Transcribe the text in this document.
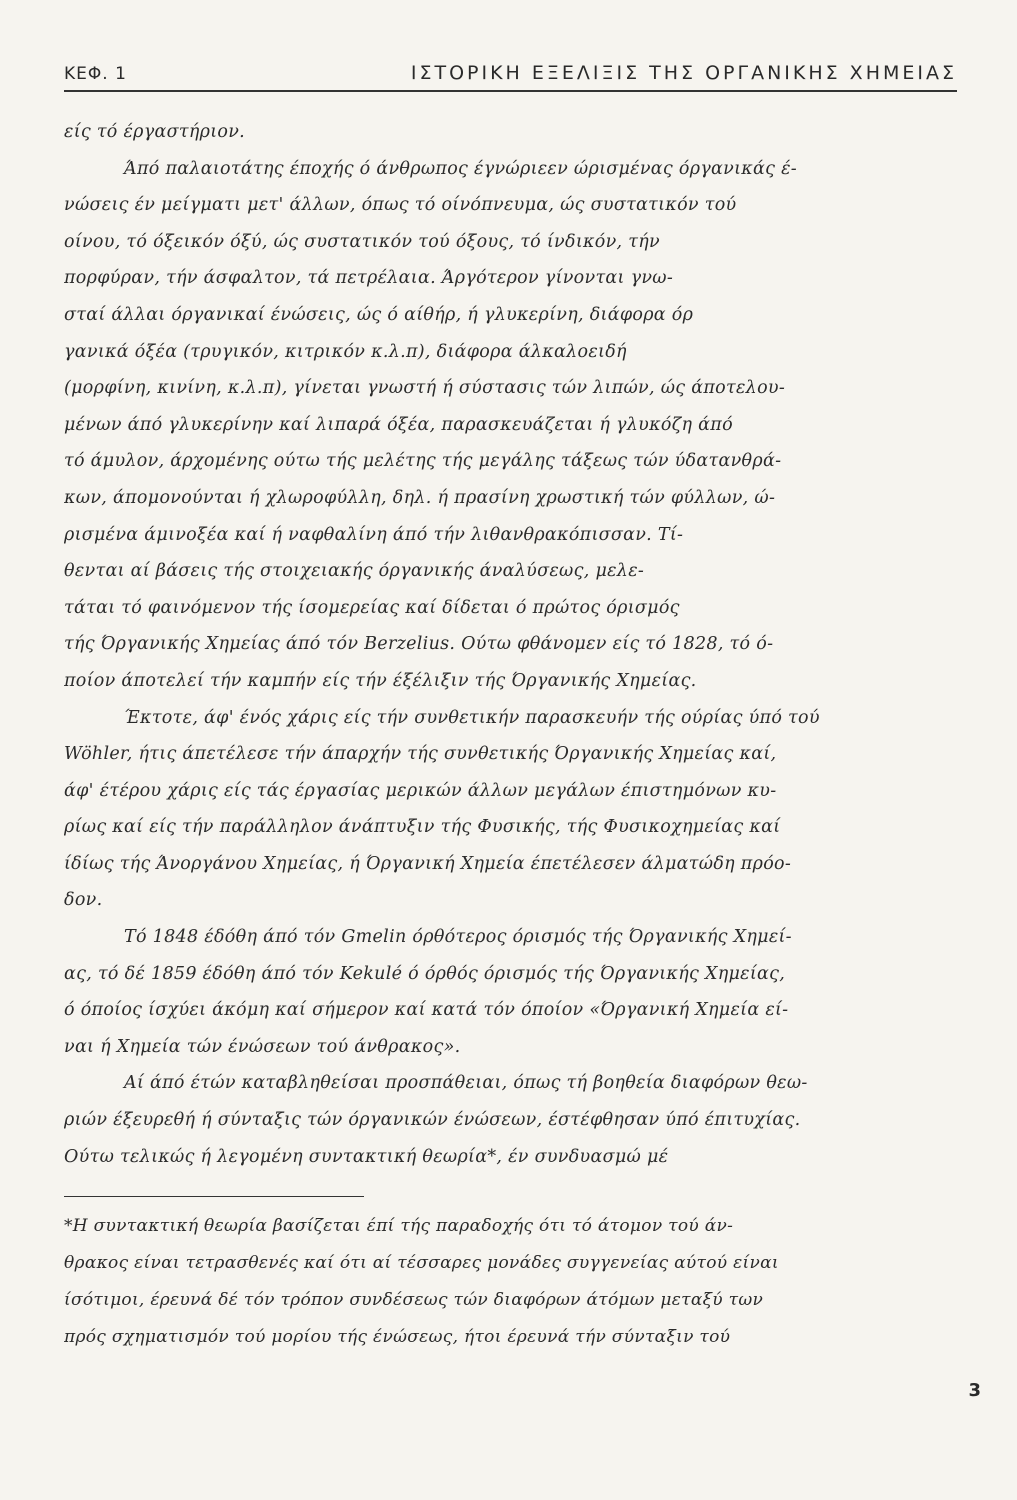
ΚΕΦ. 1	ΙΣΤΟΡΙΚΗ ΕΞΕΛΙΞΙΣ ΤΗΣ ΟΡΓΑΝΙΚΗΣ ΧΗΜΕΙΑΣ
είς τό έργαστήριον.
Άπό παλαιοτάτης έποχής ό άνθρωπος έγνώριεεν ώρισμένας όργανικάς έ-
νώσεις έν μείγματι μετ' άλλων, όπως τό οίνόπνευμα, ώς συστατικόν τού
οίνου, τό όξεικόν όξύ, ώς συστατικόν τού όξους, τό ίνδικόν, τήν
πορφύραν, τήν άσφαλτον, τά πετρέλαια. Άργότερον γίνονται γνω-
σταί άλλαι όργανικαί ένώσεις, ώς ό αίθήρ, ή γλυκερίνη, διάφορα όρ
γανικά όξέα (τρυγικόν, κιτρικόν κ.λ.π), διάφορα άλκαλοειδή
(μορφίνη, κινίνη, κ.λ.π), γίνεται γνωστή ή σύστασις τών λιπών, ώς άποτελου-
μένων άπό γλυκερίνην καί λιπαρά όξέα, παρασκευάζεται ή γλυκόζη άπό
τό άμυλον, άρχομένης ούτω τής μελέτης τής μεγάλης τάξεως τών ύδατανθρά-
κων, άπομονούνται ή χλωροφύλλη, δηλ. ή πρασίνη χρωστική τών φύλλων, ώ-
ρισμένα άμινοξέα καί ή ναφθαλίνη άπό τήν λιθανθρακόπισσαν. Τί-
θενται αί βάσεις τής στοιχειακής όργανικής άναλύσεως, μελε-
τάται τό φαινόμενον τής ίσομερείας καί δίδεται ό πρώτος όρισμός
τής Όργανικής Χημείας άπό τόν Berzelius. Ούτω φθάνομεν είς τό 1828, τό ό-
ποίον άποτελεί τήν καμπήν είς τήν έξέλιξιν τής Όργανικής Χημείας.
Έκτοτε, άφ' ένός χάρις είς τήν συνθετικήν παρασκευήν τής ούρίας ύπό τού
Wöhler, ήτις άπετέλεσε τήν άπαρχήν τής συνθετικής Όργανικής Χημείας καί,
άφ' έτέρου χάρις είς τάς έργασίας μερικών άλλων μεγάλων έπιστημόνων κυ-
ρίως καί είς τήν παράλληλον άνάπτυξιν τής Φυσικής, τής Φυσικοχημείας καί
ίδίως τής Άνοργάνου Χημείας, ή Όργανική Χημεία έπετέλεσεν άλματώδη πρόο-
δον.
Τό 1848 έδόθη άπό τόν Gmelin όρθότερος όρισμός τής Όργανικής Χημεί-
ας, τό δέ 1859 έδόθη άπό τόν Kekulé ό όρθός όρισμός τής Όργανικής Χημείας,
ό όποίος ίσχύει άκόμη καί σήμερον καί κατά τόν όποίον «Όργανική Χημεία εί-
ναι ή Χημεία τών ένώσεων τού άνθρακος».
Αί άπό έτών καταβληθείσαι προσπάθειαι, όπως τή βοηθεία διαφόρων θεω-
ριών έξευρεθή ή σύνταξις τών όργανικών ένώσεων, έστέφθησαν ύπό έπιτυχίας.
Ούτω τελικώς ή λεγομένη συντακτική θεωρία*, έν συνδυασμώ μέ
*Η συντακτική θεωρία βασίζεται έπί τής παραδοχής ότι τό άτομον τού άν-
θρακος είναι τετρασθενές καί ότι αί τέσσαρες μονάδες συγγενείας αύτού είναι
ίσότιμοι, έρευνά δέ τόν τρόπον συνδέσεως τών διαφόρων άτόμων μεταξύ των
πρός σχηματισμόν τού μορίου τής ένώσεως, ήτοι έρευνά τήν σύνταξιν τού
3
